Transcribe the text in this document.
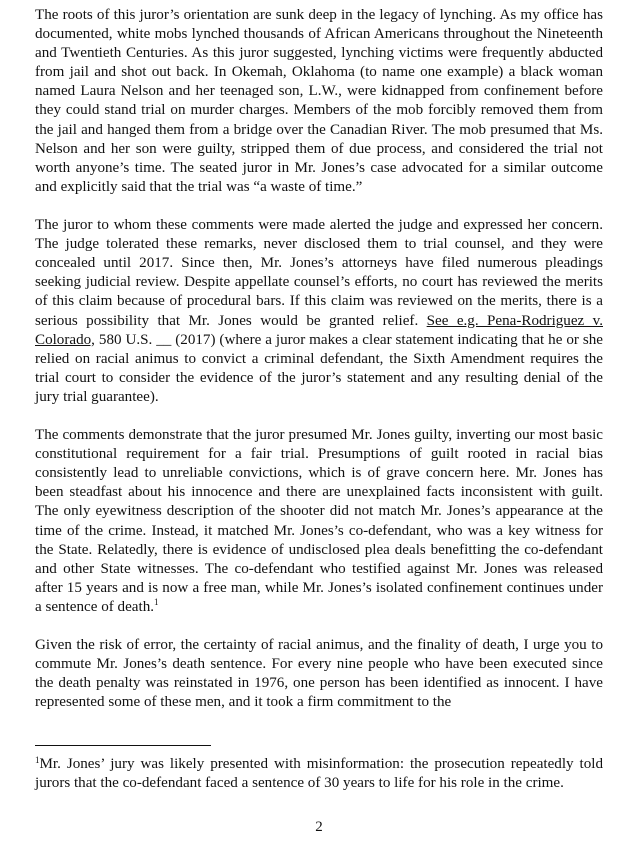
The roots of this juror’s orientation are sunk deep in the legacy of lynching. As my office has documented, white mobs lynched thousands of African Americans throughout the Nineteenth and Twentieth Centuries. As this juror suggested, lynching victims were frequently abducted from jail and shot out back. In Okemah, Oklahoma (to name one example) a black woman named Laura Nelson and her teenaged son, L.W., were kidnapped from confinement before they could stand trial on murder charges. Members of the mob forcibly removed them from the jail and hanged them from a bridge over the Canadian River. The mob presumed that Ms. Nelson and her son were guilty, stripped them of due process, and considered the trial not worth anyone’s time. The seated juror in Mr. Jones’s case advocated for a similar outcome and explicitly said that the trial was “a waste of time.”

The juror to whom these comments were made alerted the judge and expressed her concern. The judge tolerated these remarks, never disclosed them to trial counsel, and they were concealed until 2017. Since then, Mr. Jones’s attorneys have filed numerous pleadings seeking judicial review. Despite appellate counsel’s efforts, no court has reviewed the merits of this claim because of procedural bars. If this claim was reviewed on the merits, there is a serious possibility that Mr. Jones would be granted relief. See e.g. Pena-Rodriguez v. Colorado, 580 U.S. __ (2017) (where a juror makes a clear statement indicating that he or she relied on racial animus to convict a criminal defendant, the Sixth Amendment requires the trial court to consider the evidence of the juror’s statement and any resulting denial of the jury trial guarantee).

The comments demonstrate that the juror presumed Mr. Jones guilty, inverting our most basic constitutional requirement for a fair trial. Presumptions of guilt rooted in racial bias consistently lead to unreliable convictions, which is of grave concern here. Mr. Jones has been steadfast about his innocence and there are unexplained facts inconsistent with guilt. The only eyewitness description of the shooter did not match Mr. Jones’s appearance at the time of the crime. Instead, it matched Mr. Jones’s co-defendant, who was a key witness for the State. Relatedly, there is evidence of undisclosed plea deals benefitting the co-defendant and other State witnesses. The co-defendant who testified against Mr. Jones was released after 15 years and is now a free man, while Mr. Jones’s isolated confinement continues under a sentence of death.$^1$

Given the risk of error, the certainty of racial animus, and the finality of death, I urge you to commute Mr. Jones’s death sentence. For every nine people who have been executed since the death penalty was reinstated in 1976, one person has been identified as innocent. I have represented some of these men, and it took a firm commitment to the

$^1$Mr. Jones’ jury was likely presented with misinformation: the prosecution repeatedly told jurors that the co-defendant faced a sentence of 30 years to life for his role in the crime.
2
